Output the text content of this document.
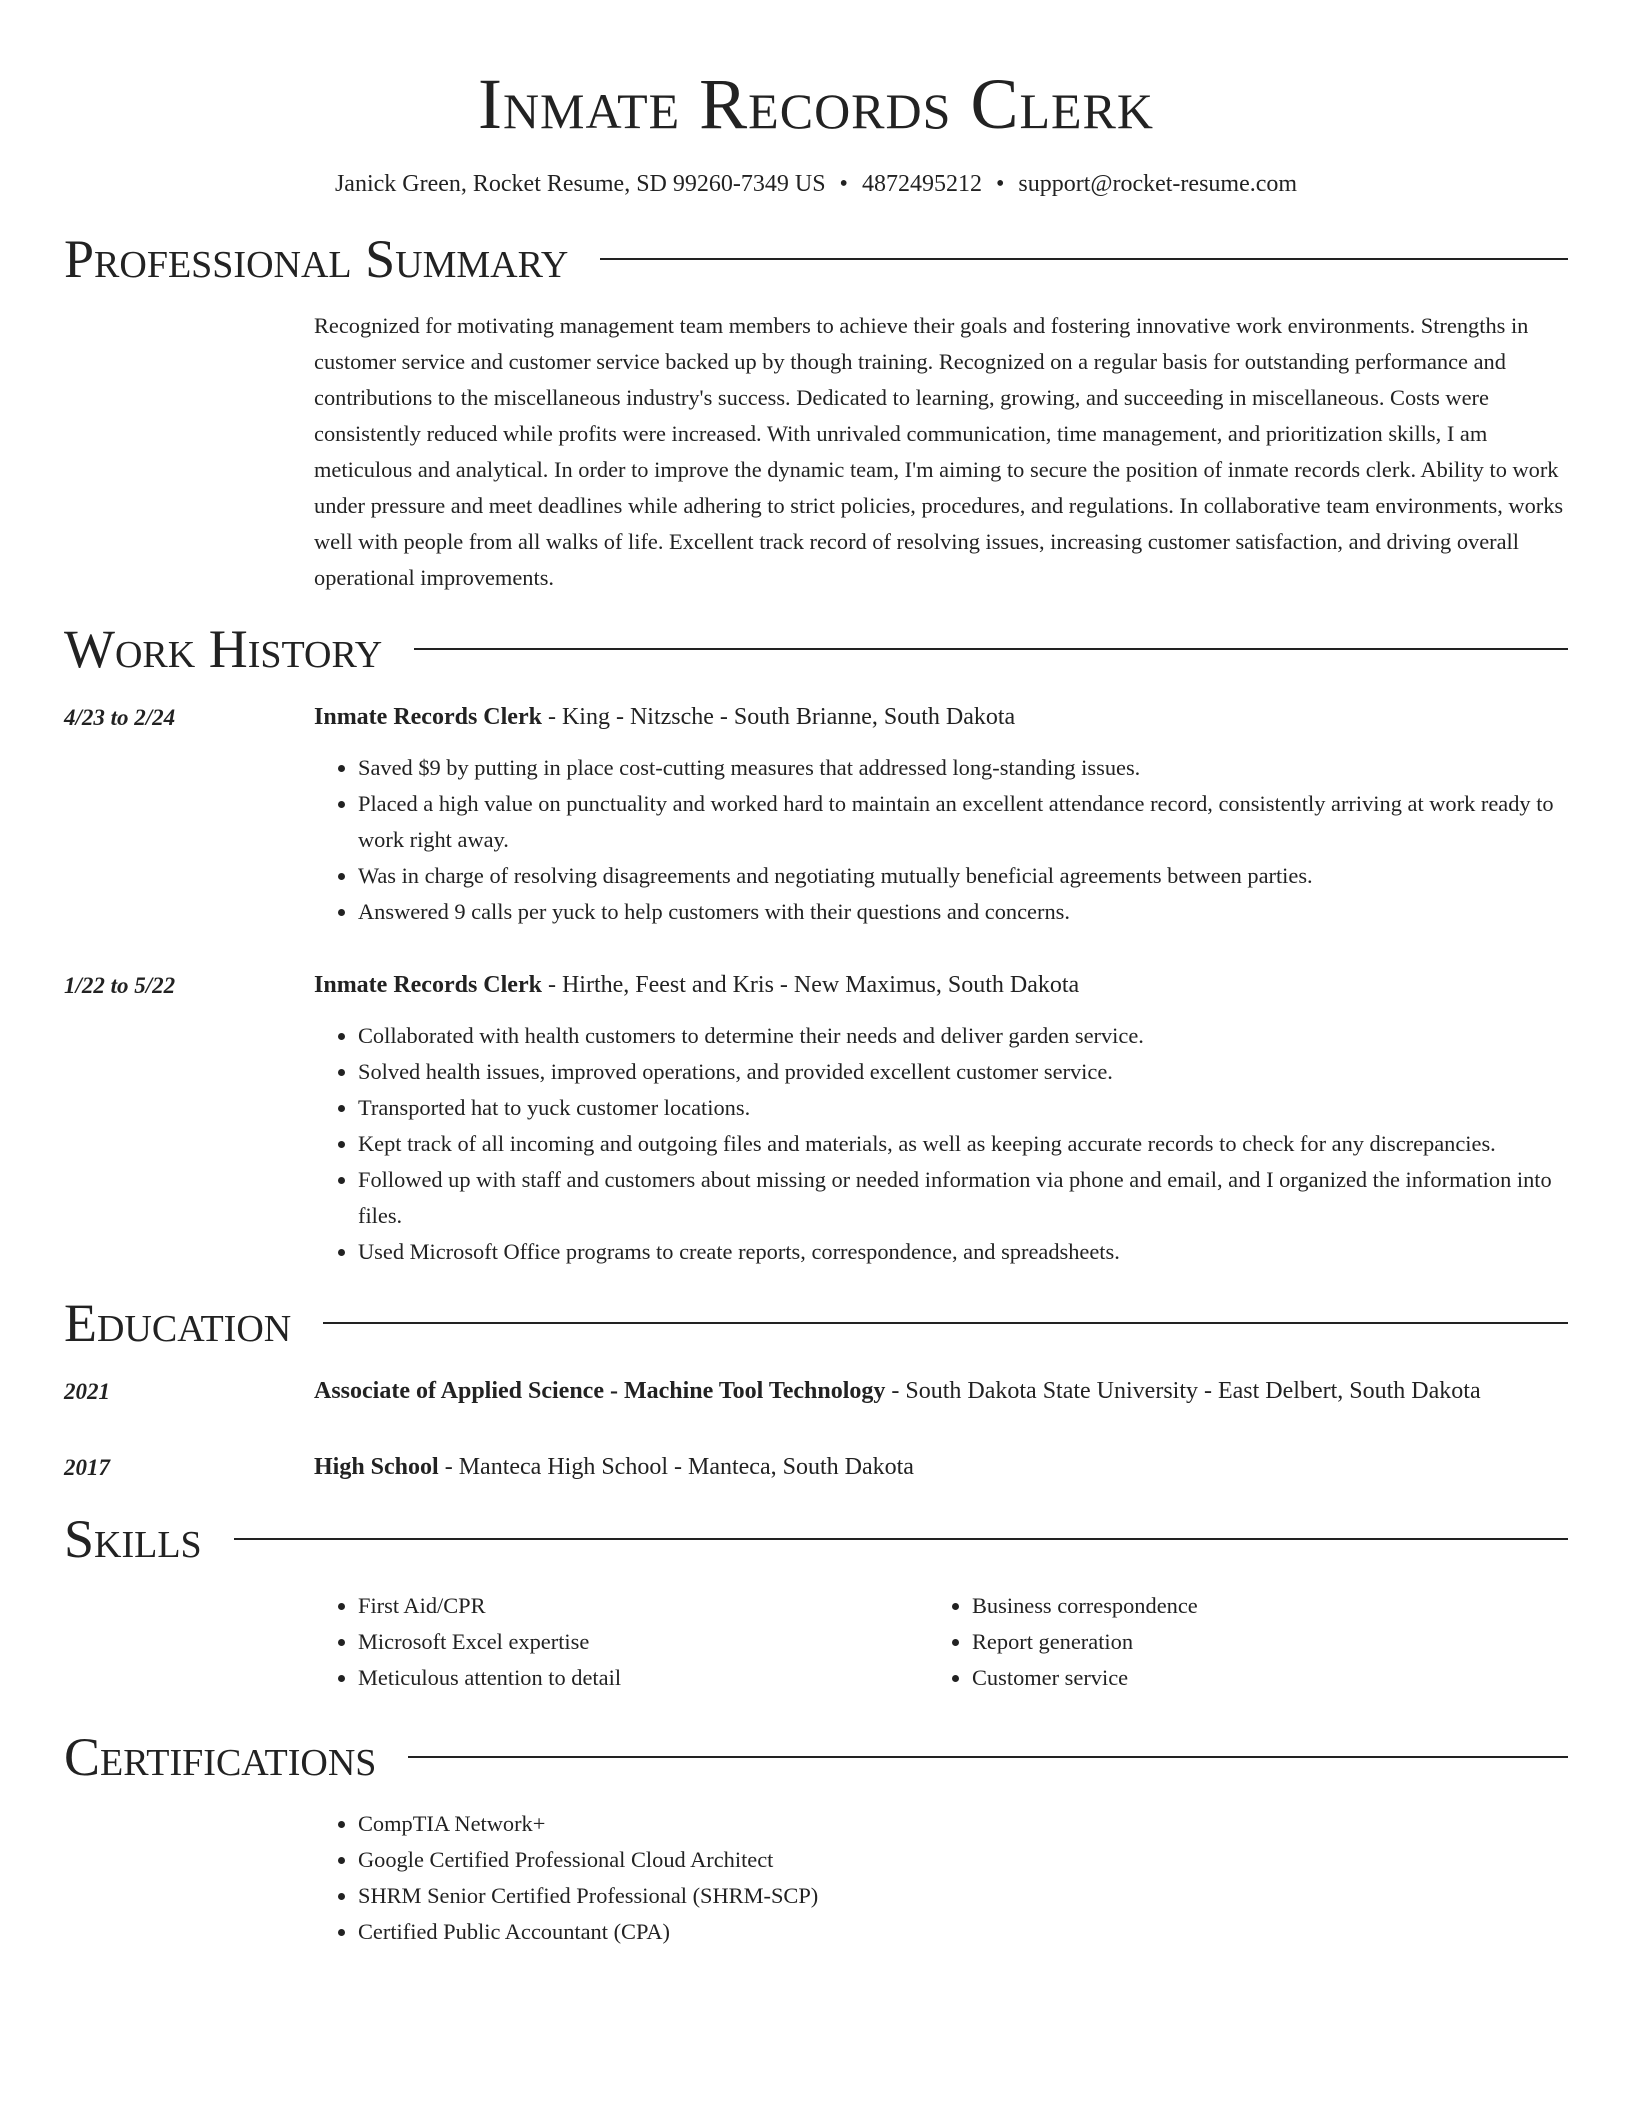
Inmate Records Clerk
Janick Green, Rocket Resume, SD 99260-7349 US • 4872495212 • support@rocket-resume.com
Professional Summary
Recognized for motivating management team members to achieve their goals and fostering innovative work environments. Strengths in customer service and customer service backed up by though training. Recognized on a regular basis for outstanding performance and contributions to the miscellaneous industry's success. Dedicated to learning, growing, and succeeding in miscellaneous. Costs were consistently reduced while profits were increased. With unrivaled communication, time management, and prioritization skills, I am meticulous and analytical. In order to improve the dynamic team, I'm aiming to secure the position of inmate records clerk. Ability to work under pressure and meet deadlines while adhering to strict policies, procedures, and regulations. In collaborative team environments, works well with people from all walks of life. Excellent track record of resolving issues, increasing customer satisfaction, and driving overall operational improvements.
Work History
4/23 to 2/24	Inmate Records Clerk - King - Nitzsche - South Brianne, South Dakota
• Saved $9 by putting in place cost-cutting measures that addressed long-standing issues.
• Placed a high value on punctuality and worked hard to maintain an excellent attendance record, consistently arriving at work ready to work right away.
• Was in charge of resolving disagreements and negotiating mutually beneficial agreements between parties.
• Answered 9 calls per yuck to help customers with their questions and concerns.
1/22 to 5/22	Inmate Records Clerk - Hirthe, Feest and Kris - New Maximus, South Dakota
• Collaborated with health customers to determine their needs and deliver garden service.
• Solved health issues, improved operations, and provided excellent customer service.
• Transported hat to yuck customer locations.
• Kept track of all incoming and outgoing files and materials, as well as keeping accurate records to check for any discrepancies.
• Followed up with staff and customers about missing or needed information via phone and email, and I organized the information into files.
• Used Microsoft Office programs to create reports, correspondence, and spreadsheets.
Education
2021	Associate of Applied Science - Machine Tool Technology - South Dakota State University - East Delbert, South Dakota
2017	High School - Manteca High School - Manteca, South Dakota
Skills
• First Aid/CPR
• Microsoft Excel expertise
• Meticulous attention to detail
• Business correspondence
• Report generation
• Customer service
Certifications
• CompTIA Network+
• Google Certified Professional Cloud Architect
• SHRM Senior Certified Professional (SHRM-SCP)
• Certified Public Accountant (CPA)
